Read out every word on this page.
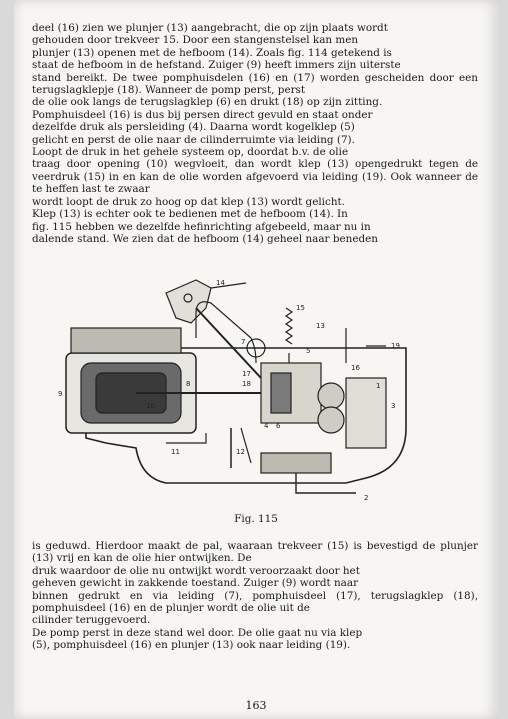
deel (16) zien we plunjer (13) aangebracht, die op zijn plaats wordt
gehouden door trekveer 15. Door een stangenstelsel kan men
plunjer (13) openen met de hefboom (14). Zoals fig. 114 getekend is
staat de hefboom in de hefstand. Zuiger (9) heeft immers zijn uiterste
stand bereikt. De twee pomphuisdelen (16) en (17) worden gescheiden door een terugslagklepje (18). Wanneer de pomp perst, perst
de olie ook langs de terugslagklep (6) en drukt (18) op zijn zitting.
Pomphuisdeel (16) is dus bij persen direct gevuld en staat onder
dezelfde druk als persleiding (4). Daarna wordt kogelklep (5)
gelicht en perst de olie naar de cilinderruimte via leiding (7).
Loopt de druk in het gehele systeem op, doordat b.v. de olie
traag door opening (10) wegvloeit, dan wordt klep (13) opengedrukt tegen de veerdruk (15) in en kan de olie worden afgevoerd via leiding (19). Ook wanneer de te heffen last te zwaar
wordt loopt de druk zo hoog op dat klep (13) wordt gelicht.
Klep (13) is echter ook te bedienen met de hefboom (14). In
fig. 115 hebben we dezelfde hefinrichting afgebeeld, maar nu in
dalende stand. We zien dat de hefboom (14) geheel naar beneden

14
15
7	19
17
18
16
9
8
10
11	12
4 6
3
1
5
2
13
Fig. 115

is geduwd. Hierdoor maakt de pal, waaraan trekveer (15) is bevestigd de plunjer (13) vrij en kan de olie hier ontwijken. De
druk waardoor de olie nu ontwijkt wordt veroorzaakt door het
geheven gewicht in zakkende toestand. Zuiger (9) wordt naar
binnen gedrukt en via leiding (7), pomphuisdeel (17), terugslagklep (18), pomphuisdeel (16) en de plunjer wordt de olie uit de
cilinder teruggevoerd.
De pomp perst in deze stand wel door. De olie gaat nu via klep
(5), pomphuisdeel (16) en plunjer (13) ook naar leiding (19).

163
